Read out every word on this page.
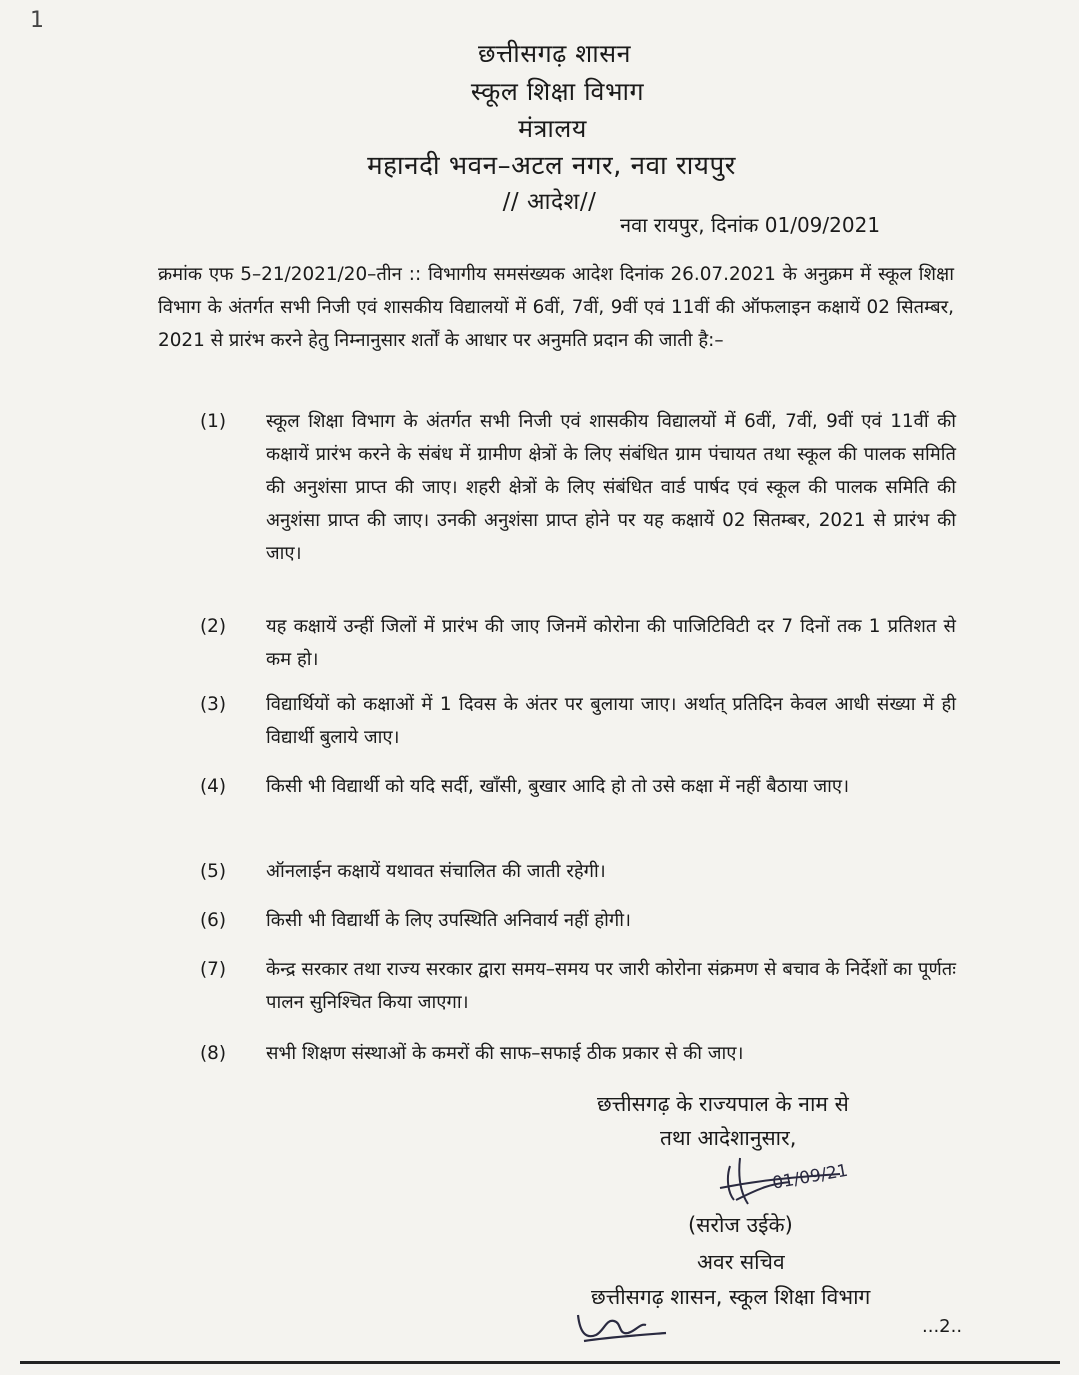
1
छत्तीसगढ़ शासन
स्कूल शिक्षा विभाग
मंत्रालय
महानदी भवन–अटल नगर, नवा रायपुर
// आदेश//
नवा रायपुर, दिनांक 01/09/2021
क्रमांक एफ 5–21/2021/20–तीन :: विभागीय समसंख्यक आदेश दिनांक 26.07.2021 के अनुक्रम में स्कूल शिक्षा विभाग के अंतर्गत सभी निजी एवं शासकीय विद्यालयों में 6वीं, 7वीं, 9वीं एवं 11वीं की ऑफलाइन कक्षायें 02 सितम्बर, 2021 से प्रारंभ करने हेतु निम्नानुसार शर्तों के आधार पर अनुमति प्रदान की जाती है:–
(1)	स्कूल शिक्षा विभाग के अंतर्गत सभी निजी एवं शासकीय विद्यालयों में 6वीं, 7वीं, 9वीं एवं 11वीं की कक्षायें प्रारंभ करने के संबंध में ग्रामीण क्षेत्रों के लिए संबंधित ग्राम पंचायत तथा स्कूल की पालक समिति की अनुशंसा प्राप्त की जाए। शहरी क्षेत्रों के लिए संबंधित वार्ड पार्षद एवं स्कूल की पालक समिति की अनुशंसा प्राप्त की जाए। उनकी अनुशंसा प्राप्त होने पर यह कक्षायें 02 सितम्बर, 2021 से प्रारंभ की जाए।
(2)	यह कक्षायें उन्हीं जिलों में प्रारंभ की जाए जिनमें कोरोना की पाजिटिविटी दर 7 दिनों तक 1 प्रतिशत से कम हो।
(3)	विद्यार्थियों को कक्षाओं में 1 दिवस के अंतर पर बुलाया जाए। अर्थात् प्रतिदिन केवल आधी संख्या में ही विद्यार्थी बुलाये जाए।
(4)	किसी भी विद्यार्थी को यदि सर्दी, खाँसी, बुखार आदि हो तो उसे कक्षा में नहीं बैठाया जाए।
(5)	ऑनलाईन कक्षायें यथावत संचालित की जाती रहेगी।
(6)	किसी भी विद्यार्थी के लिए उपस्थिति अनिवार्य नहीं होगी।
(7)	केन्द्र सरकार तथा राज्य सरकार द्वारा समय–समय पर जारी कोरोना संक्रमण से बचाव के निर्देशों का पूर्णतः पालन सुनिश्चित किया जाएगा।
(8)	सभी शिक्षण संस्थाओं के कमरों की साफ–सफाई ठीक प्रकार से की जाए।
छत्तीसगढ़ के राज्यपाल के नाम से
तथा आदेशानुसार,
01/09/21
(सरोज उईके)
अवर सचिव
छत्तीसगढ़ शासन, स्कूल शिक्षा विभाग
...2..
